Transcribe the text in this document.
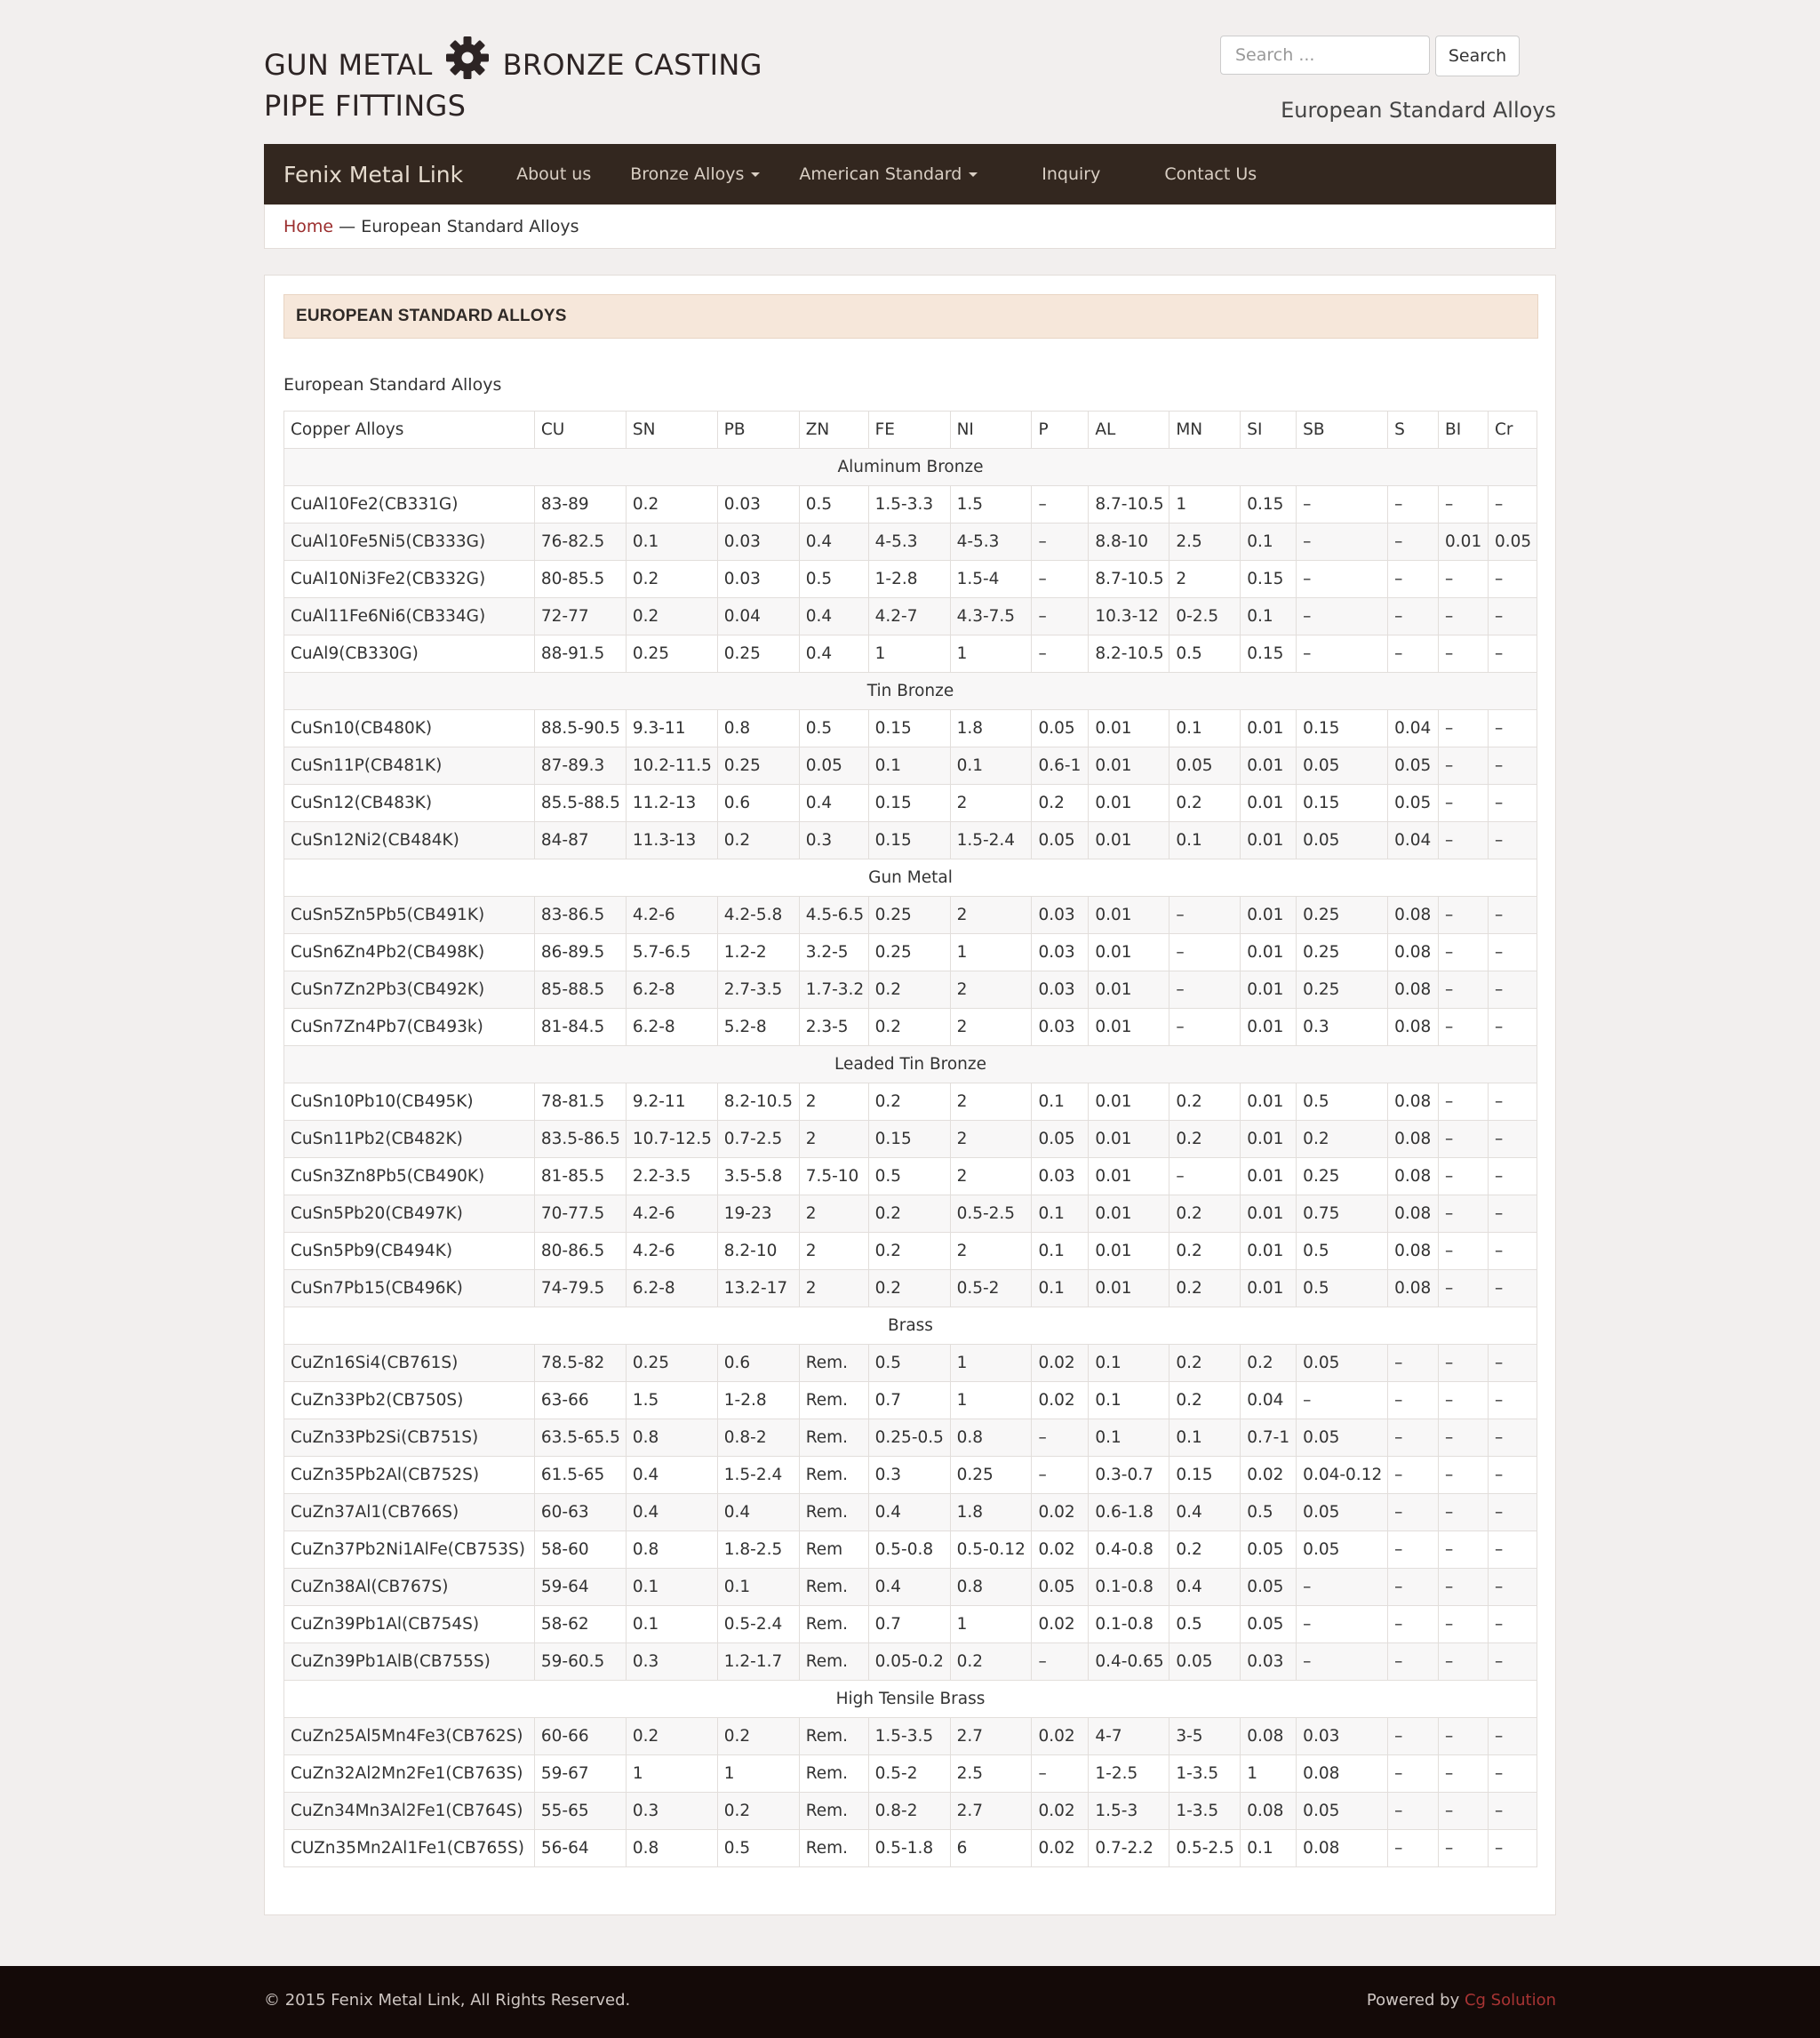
GUN METAL BRONZE CASTING
PIPE FITTINGS
Search ...
Search
European Standard Alloys
Fenix Metal Link	About us Bronze Alloys	American Standard	Inquiry	Contact Us
Home — European Standard Alloys
EUROPEAN STANDARD ALLOYS
European Standard Alloys
Copper Alloys	CU	SN	PB	ZN	FE	NI	P	AL	MN	SI	SB	S	BI	Cr
Aluminum Bronze														
CuAl10Fe2(CB331G)	83-89	0.2	0.03	0.5	1.5-3.3	1.5	–	8.7-10.5	1	0.15	–	–	–	–
CuAl10Fe5Ni5(CB333G)	76-82.5	0.1	0.03	0.4	4-5.3	4-5.3	–	8.8-10	2.5	0.1	–	–	0.01	0.05
CuAl10Ni3Fe2(CB332G)	80-85.5	0.2	0.03	0.5	1-2.8	1.5-4	–	8.7-10.5	2	0.15	–	–	–	–
CuAl11Fe6Ni6(CB334G)	72-77	0.2	0.04	0.4	4.2-7	4.3-7.5	–	10.3-12	0-2.5	0.1	–	–	–	–
CuAl9(CB330G)	88-91.5	0.25	0.25	0.4	1	1	–	8.2-10.5	0.5	0.15	–	–	–	–
Tin Bronze														
CuSn10(CB480K)	88.5-90.5	9.3-11	0.8	0.5	0.15	1.8	0.05	0.01	0.1	0.01	0.15	0.04	–	–
CuSn11P(CB481K)	87-89.3	10.2-11.5	0.25	0.05	0.1	0.1	0.6-1	0.01	0.05	0.01	0.05	0.05	–	–
CuSn12(CB483K)	85.5-88.5	11.2-13	0.6	0.4	0.15	2	0.2	0.01	0.2	0.01	0.15	0.05	–	–
CuSn12Ni2(CB484K)	84-87	11.3-13	0.2	0.3	0.15	1.5-2.4	0.05	0.01	0.1	0.01	0.05	0.04	–	–
Gun Metal														
CuSn5Zn5Pb5(CB491K)	83-86.5	4.2-6	4.2-5.8	4.5-6.5	0.25	2	0.03	0.01	–	0.01	0.25	0.08	–	–
CuSn6Zn4Pb2(CB498K)	86-89.5	5.7-6.5	1.2-2	3.2-5	0.25	1	0.03	0.01	–	0.01	0.25	0.08	–	–
CuSn7Zn2Pb3(CB492K)	85-88.5	6.2-8	2.7-3.5	1.7-3.2	0.2	2	0.03	0.01	–	0.01	0.25	0.08	–	–
CuSn7Zn4Pb7(CB493k)	81-84.5	6.2-8	5.2-8	2.3-5	0.2	2	0.03	0.01	–	0.01	0.3	0.08	–	–
Leaded Tin Bronze														
CuSn10Pb10(CB495K)	78-81.5	9.2-11	8.2-10.5	2	0.2	2	0.1	0.01	0.2	0.01	0.5	0.08	–	–
CuSn11Pb2(CB482K)	83.5-86.5	10.7-12.5	0.7-2.5	2	0.15	2	0.05	0.01	0.2	0.01	0.2	0.08	–	–
CuSn3Zn8Pb5(CB490K)	81-85.5	2.2-3.5	3.5-5.8	7.5-10	0.5	2	0.03	0.01	–	0.01	0.25	0.08	–	–
CuSn5Pb20(CB497K)	70-77.5	4.2-6	19-23	2	0.2	0.5-2.5	0.1	0.01	0.2	0.01	0.75	0.08	–	–
CuSn5Pb9(CB494K)	80-86.5	4.2-6	8.2-10	2	0.2	2	0.1	0.01	0.2	0.01	0.5	0.08	–	–
CuSn7Pb15(CB496K)	74-79.5	6.2-8	13.2-17	2	0.2	0.5-2	0.1	0.01	0.2	0.01	0.5	0.08	–	–
Brass														
CuZn16Si4(CB761S)	78.5-82	0.25	0.6	Rem.	0.5	1	0.02	0.1	0.2	0.2	0.05	–	–	–
CuZn33Pb2(CB750S)	63-66	1.5	1-2.8	Rem.	0.7	1	0.02	0.1	0.2	0.04	–	–	–	–
CuZn33Pb2Si(CB751S)	63.5-65.5	0.8	0.8-2	Rem.	0.25-0.5	0.8	–	0.1	0.1	0.7-1	0.05	–	–	–
CuZn35Pb2Al(CB752S)	61.5-65	0.4	1.5-2.4	Rem.	0.3	0.25	–	0.3-0.7	0.15	0.02	0.04-0.12	–	–	–
CuZn37Al1(CB766S)	60-63	0.4	0.4	Rem.	0.4	1.8	0.02	0.6-1.8	0.4	0.5	0.05	–	–	–
CuZn37Pb2Ni1AlFe(CB753S)	58-60	0.8	1.8-2.5	Rem	0.5-0.8	0.5-0.12	0.02	0.4-0.8	0.2	0.05	0.05	–	–	–
CuZn38Al(CB767S)	59-64	0.1	0.1	Rem.	0.4	0.8	0.05	0.1-0.8	0.4	0.05	–	–	–	–
CuZn39Pb1Al(CB754S)	58-62	0.1	0.5-2.4	Rem.	0.7	1	0.02	0.1-0.8	0.5	0.05	–	–	–	–
CuZn39Pb1AlB(CB755S)	59-60.5	0.3	1.2-1.7	Rem.	0.05-0.2	0.2	–	0.4-0.65	0.05	0.03	–	–	–	–
High Tensile Brass														
CuZn25Al5Mn4Fe3(CB762S)	60-66	0.2	0.2	Rem.	1.5-3.5	2.7	0.02	4-7	3-5	0.08	0.03	–	–	–
CuZn32Al2Mn2Fe1(CB763S)	59-67	1	1	Rem.	0.5-2	2.5	–	1-2.5	1-3.5	1	0.08	–	–	–
CuZn34Mn3Al2Fe1(CB764S)	55-65	0.3	0.2	Rem.	0.8-2	2.7	0.02	1.5-3	1-3.5	0.08	0.05	–	–	–
CUZn35Mn2Al1Fe1(CB765S)	56-64	0.8	0.5	Rem.	0.5-1.8	6	0.02	0.7-2.2	0.5-2.5	0.1	0.08	–	–	–
© 2015 Fenix Metal Link, All Rights Reserved.	Powered by Cg Solution
